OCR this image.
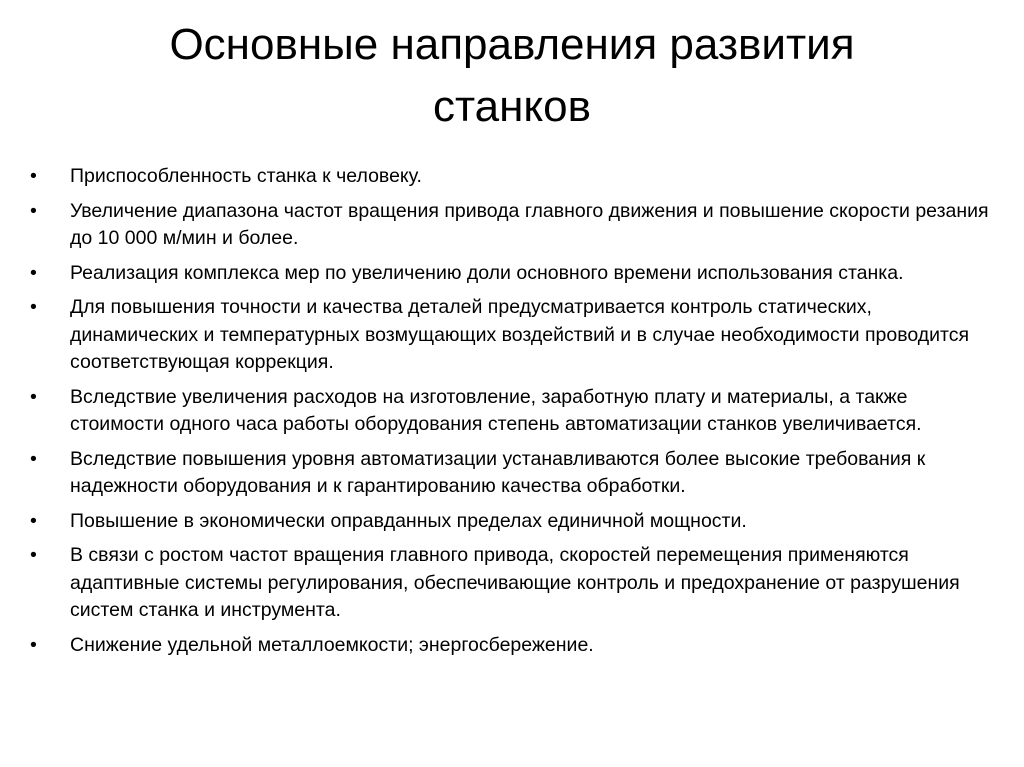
Основные направления развития
станков
•	Приспособленность станка к человеку.
•	Увеличение диапазона частот вращения привода главного движения и повышение скорости резания до 10 000 м/мин и более.
•	Реализация комплекса мер по увеличению доли основного времени использования станка.
•	Для повышения точности и качества деталей предусматривается контроль статических, динамических и температурных возмущающих воздействий и в случае необходимости проводится соответствующая коррекция.
•	Вследствие увеличения расходов на изготовление, заработную плату и материалы, а также стоимости одного часа работы оборудования степень автоматизации станков увеличивается.
•	Вследствие повышения уровня автоматизации устанавливаются более высокие требования к надежности оборудования и к гарантированию качества обработки.
•	Повышение в экономически оправданных пределах единичной мощности.
•	В связи с ростом частот вращения главного привода, скоростей перемещения применяются адаптивные системы регулирования, обеспечивающие контроль и предохранение от разрушения систем станка и инструмента.
•	Снижение удельной металлоемкости; энергосбережение.
